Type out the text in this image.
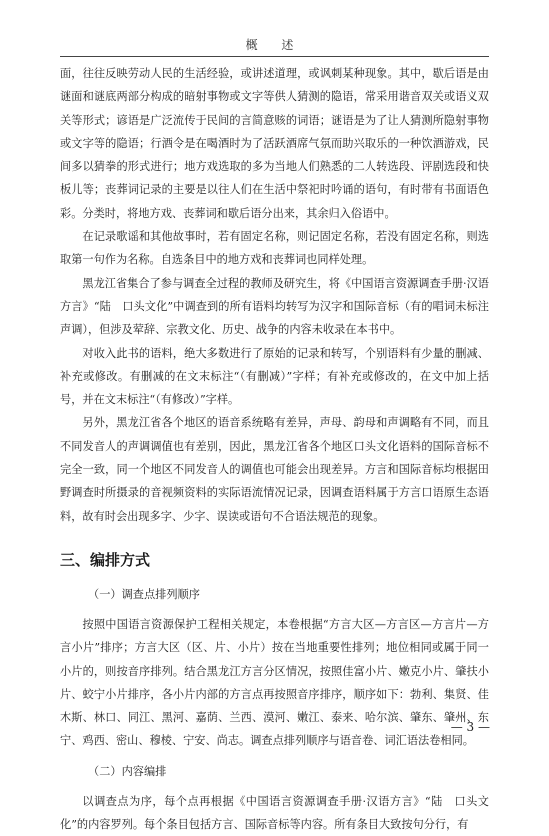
概 述

面，往往反映劳动人民的生活经验，或讲述道理，或讽刺某种现象。其中，歇后语是由谜面和谜底两部分构成的暗射事物或文字等供人猜测的隐语，常采用谐音双关或语义双关等形式；谚语是广泛流传于民间的言简意赅的词语；谜语是为了让人猜测所隐射事物或文字等的隐语；行酒令是在喝酒时为了活跃酒席气氛而助兴取乐的一种饮酒游戏，民间多以猜拳的形式进行；地方戏选取的多为当地人们熟悉的二人转选段、评剧选段和快板儿等；丧葬词记录的主要是以往人们在生活中祭祀时吟诵的语句，有时带有书面语色彩。分类时，将地方戏、丧葬词和歇后语分出来，其余归入俗语中。

在记录歌谣和其他故事时，若有固定名称，则记固定名称，若没有固定名称，则选取第一句作为名称。自选条目中的地方戏和丧葬词也同样处理。

黑龙江省集合了参与调查全过程的教师及研究生，将《中国语言资源调查手册·汉语方言》“陆　口头文化”中调查到的所有语料均转写为汉字和国际音标（有的唱词未标注声调），但涉及荤辞、宗教文化、历史、战争的内容未收录在本书中。

对收入此书的语料，绝大多数进行了原始的记录和转写，个别语料有少量的删减、补充或修改。有删减的在文末标注“（有删减）”字样；有补充或修改的，在文中加上括号，并在文末标注“（有修改）”字样。

另外，黑龙江省各个地区的语音系统略有差异，声母、韵母和声调略有不同，而且不同发音人的声调调值也有差别，因此，黑龙江省各个地区口头文化语料的国际音标不完全一致，同一个地区不同发音人的调值也可能会出现差异。方言和国际音标均根据田野调查时所摄录的音视频资料的实际语流情况记录，因调查语料属于方言口语原生态语料，故有时会出现多字、少字、误读或语句不合语法规范的现象。

三、编排方式
（一）调查点排列顺序

按照中国语言资源保护工程相关规定，本卷根据“方言大区—方言区—方言片—方言小片”排序；方言大区（区、片、小片）按在当地重要性排列；地位相同或属于同一小片的，则按音序排列。结合黑龙江方言分区情况，按照佳富小片、嫩克小片、肇扶小片、蛟宁小片排序，各小片内部的方言点再按照音序排序，顺序如下：勃利、集贤、佳木斯、林口、同江、黑河、嘉荫、兰西、漠河、嫩江、泰来、哈尔滨、肇东、肇州、东宁、鸡西、密山、穆棱、宁安、尚志。调查点排列顺序与语音卷、词汇语法卷相同。

（二）内容编排

以调查点为序，每个点再根据《中国语言资源调查手册·汉语方言》“陆　口头文化”的内容罗列。每个条目包括方言、国际音标等内容。所有条目大致按句分行，有

— 3 —
